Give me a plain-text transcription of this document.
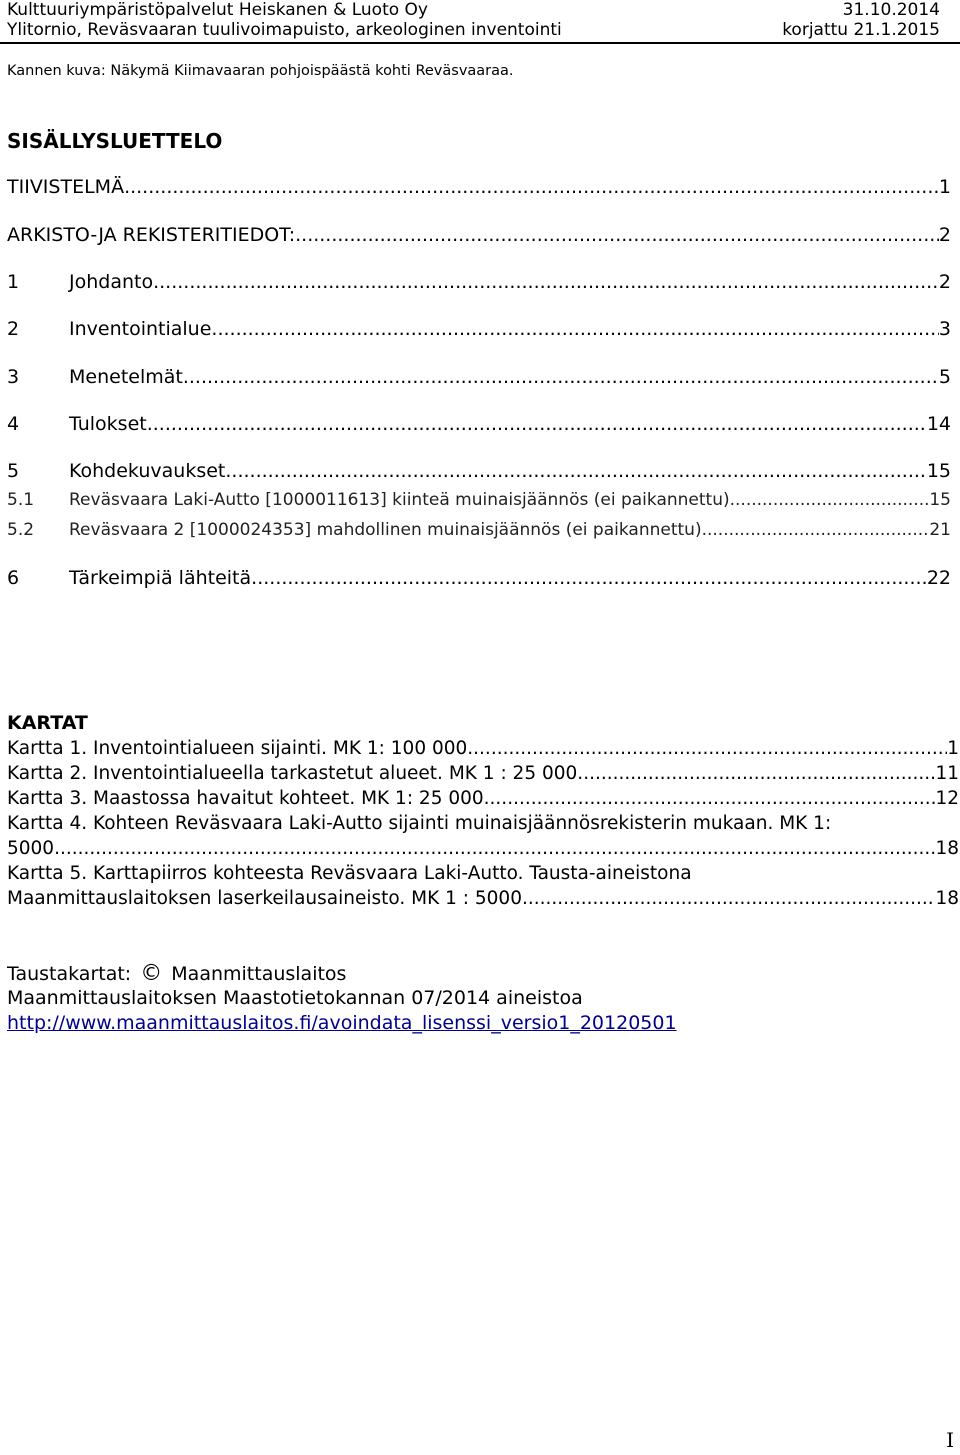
Kulttuuriympäristöpalvelut Heiskanen & Luoto Oy	31.10.2014
Ylitornio, Reväsvaaran tuulivoimapuisto, arkeologinen inventointi	korjattu 21.1.2015
Kannen kuva: Näkymä Kiimavaaran pohjoispäästä kohti Reväsvaaraa.
SISÄLLYSLUETTELO
TIIVISTELMÄ .....	1
ARKISTO-JA REKISTERITIEDOT: .....	2
1	Johdanto .....	2
2	Inventointialue .....	3
3	Menetelmät .....	5
4	Tulokset .....	14
5	Kohdekuvaukset .....	15
5.1	Reväsvaara Laki-Autto [1000011613] kiinteä muinaisjäännös (ei paikannettu) .....	15
5.2	Reväsvaara 2 [1000024353] mahdollinen muinaisjäännös (ei paikannettu) .....	21
6	Tärkeimpiä lähteitä .....	22
KARTAT
Kartta 1. Inventointialueen sijainti. MK 1: 100 000. .....	1
Kartta 2. Inventointialueella tarkastetut alueet. MK 1 : 25 000. .....	11
Kartta 3. Maastossa havaitut kohteet. MK 1: 25 000. .....	12
Kartta 4. Kohteen Reväsvaara Laki-Autto sijainti muinaisjäännösrekisterin mukaan. MK 1:
5000 .....	18
Kartta 5. Karttapiirros kohteesta Reväsvaara Laki-Autto. Tausta-aineistona
Maanmittauslaitoksen laserkeilausaineisto. MK 1 : 5000. .....	18
Taustakartat: © Maanmittauslaitos
Maanmittauslaitoksen Maastotietokannan 07/2014 aineistoa
http://www.maanmittauslaitos.fi/avoindata_lisenssi_versio1_20120501
I
